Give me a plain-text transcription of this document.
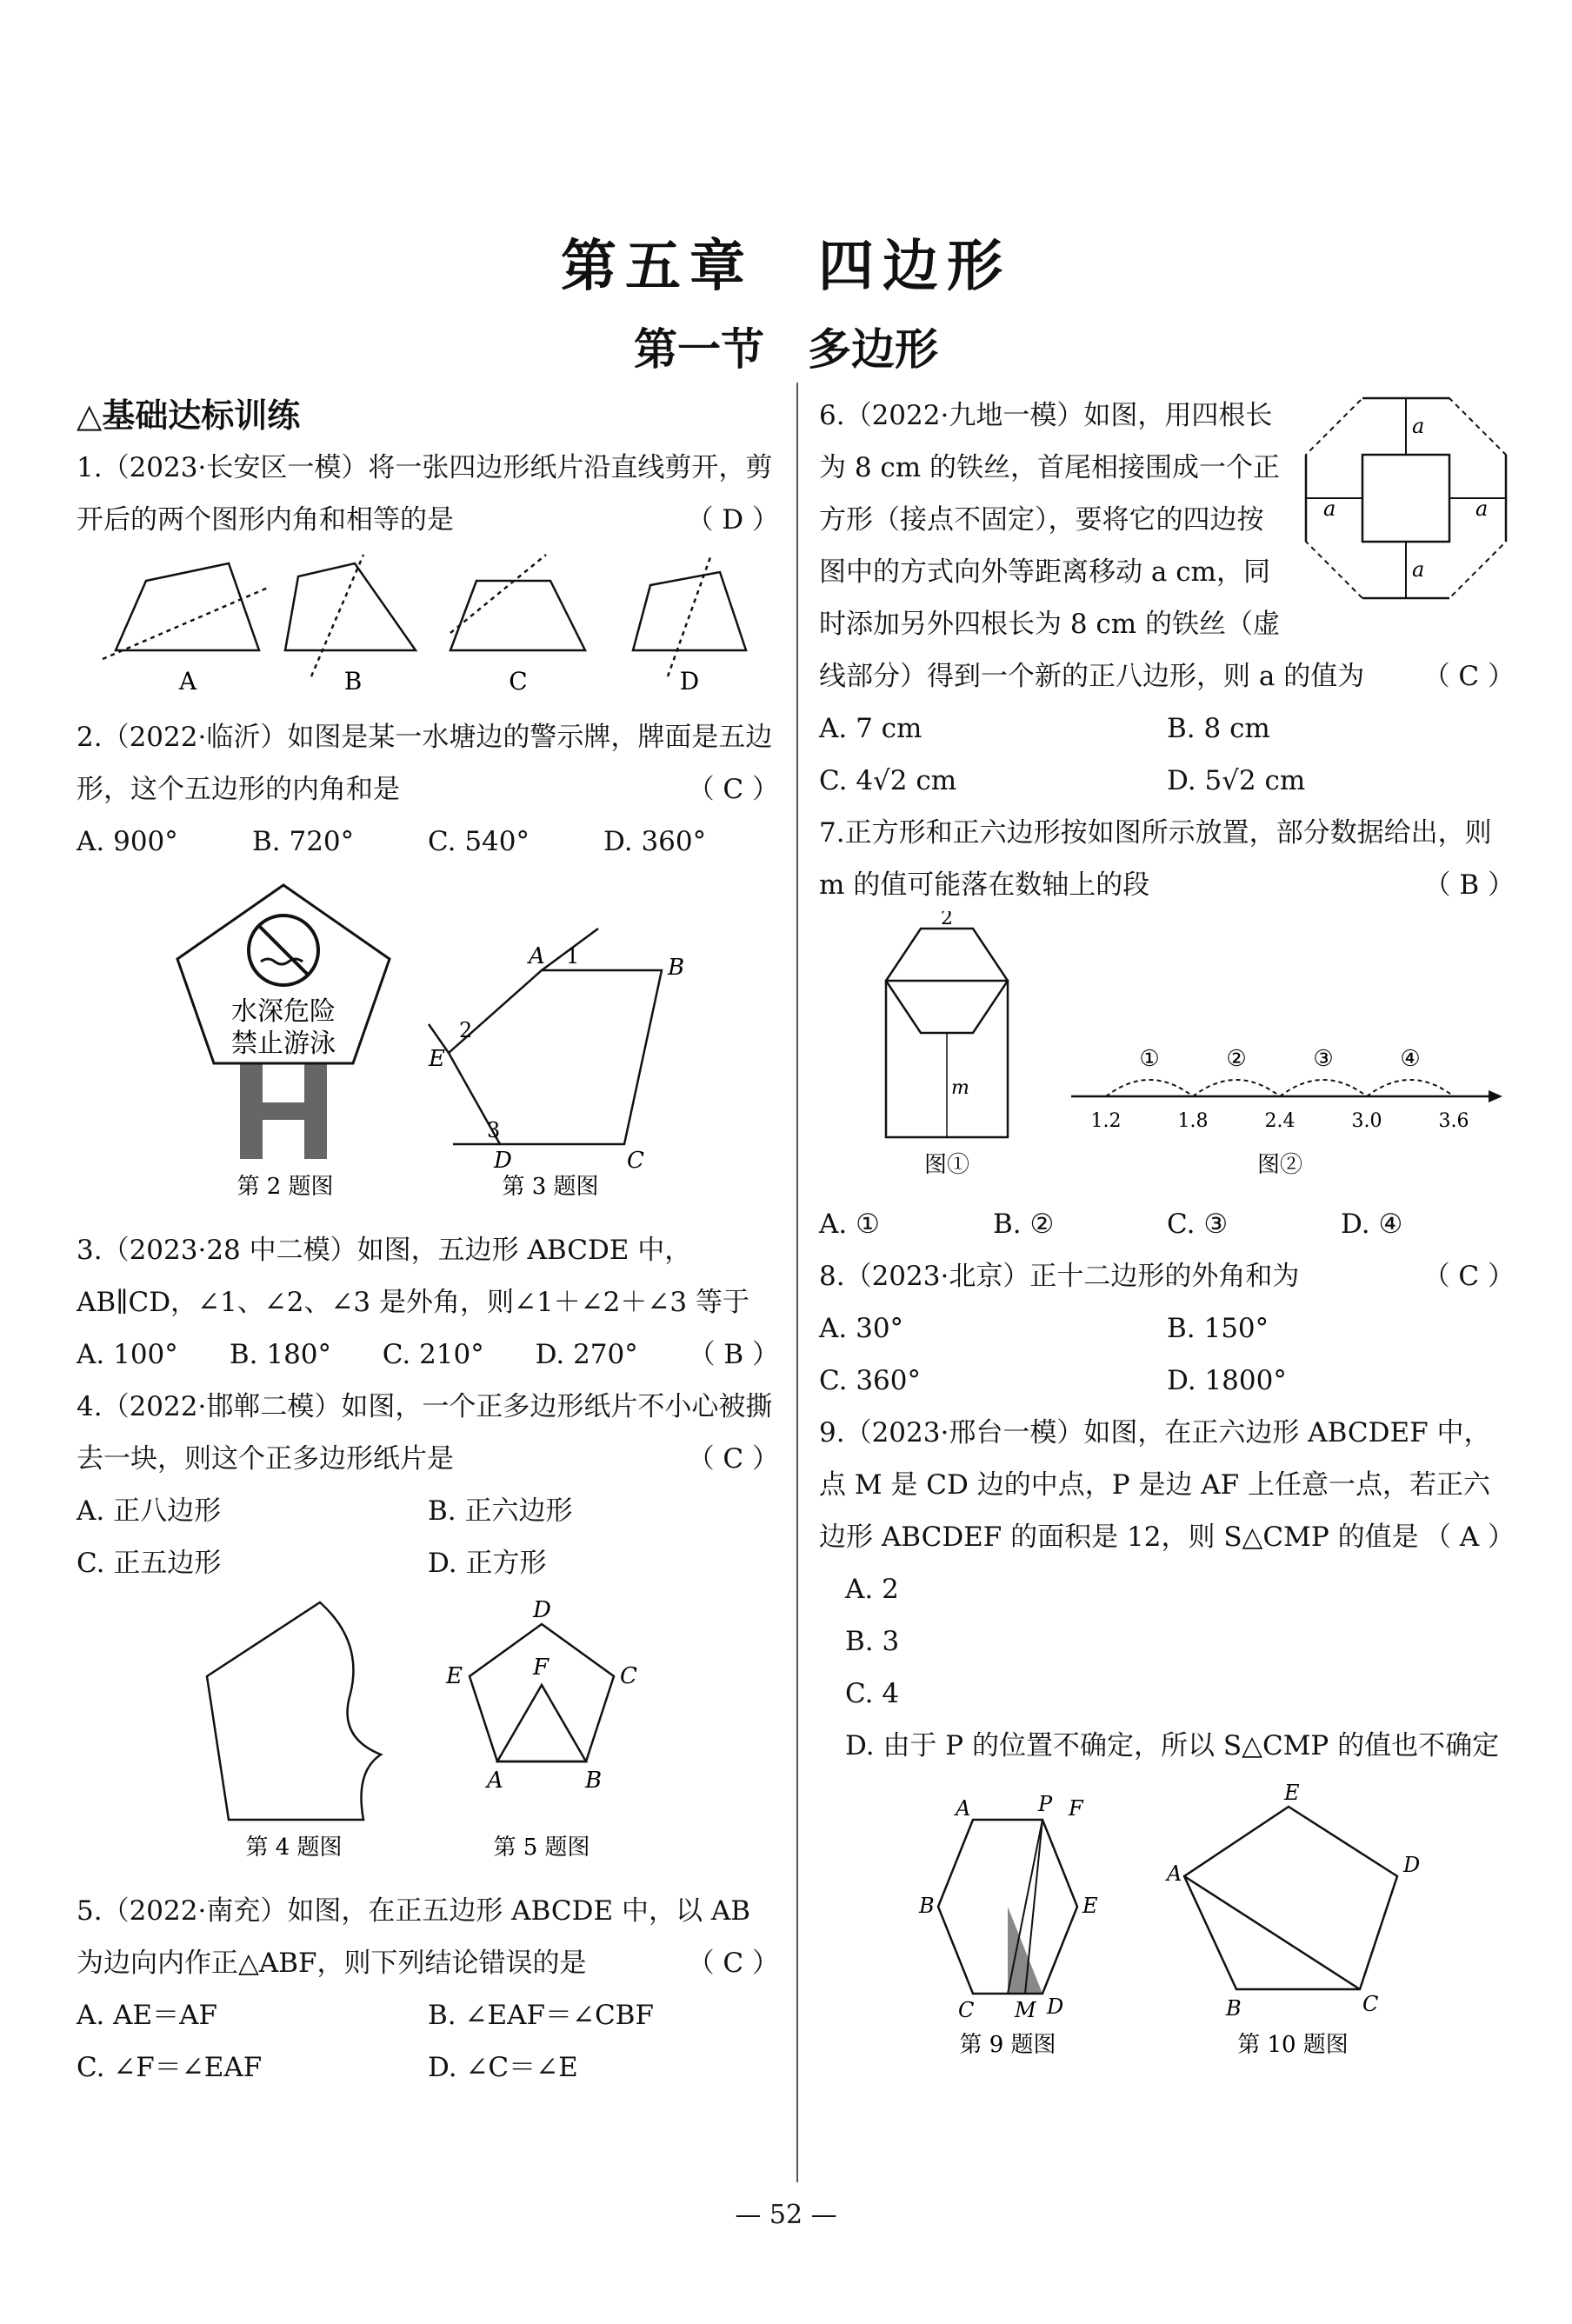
第五章　四边形
第一节　多边形
△基础达标训练

1.（2023·长安区一模）将一张四边形纸片沿直线剪开，剪开后的两个图形内角和相等的是	（ D ）

A	B	C	D

2.（2022·临沂）如图是某一水塘边的警示牌，牌面是五边形，这个五边形的内角和是	（ C ）

A. 900°	B. 720°	C. 540°	D. 360°
水深危险
禁止游泳
第 2 题图
A	B
C
D
E
1
2
3
第 3 题图

3.（2023·28 中二模）如图，五边形 ABCDE 中，AB∥CD，∠1、∠2、∠3 是外角，则∠1＋∠2＋∠3 等于
（ B ）

A. 100°	B. 180°	C. 210°	D. 270°

4.（2022·邯郸二模）如图，一个正多边形纸片不小心被撕去一块，则这个正多边形纸片是	（ C ）

A. 正八边形	B. 正六边形
C. 正五边形	D. 正方形
第 4 题图
A	B
C
D
E	F
第 5 题图

5.（2022·南充）如图，在正五边形 ABCDE 中，以 AB 为边向内作正△ABF，则下列结论错误的是	（ C ）

A. AE＝AF	B. ∠EAF＝∠CBF
C. ∠F＝∠EAF	D. ∠C＝∠E
a
a
a	a

6.（2022·九地一模）如图，用四根长为 8 cm 的铁丝，首尾相接围成一个正方形（接点不固定），要将它的四边按图中的方式向外等距离移动 a cm，同时添加另外四根长为 8 cm 的铁丝（虚线部分）得到一个新的正八边形，则 a 的值为 （ C ）

A. 7 cm	B. 8 cm
C. 4√2 cm	D. 5√2 cm

7.正方形和正六边形按如图所示放置，部分数据给出，则 m 的值可能落在数轴上的段	（ B ）

2
m
图①
①	②	③	④
1.2	1.8	2.4	3.0	3.6
图②
A. ①	B. ②	C. ③	D. ④

8.（2023·北京）正十二边形的外角和为	（ C ）

A. 30°	B. 150°
C. 360°	D. 1800°

9.（2023·邢台一模）如图，在正六边形 ABCDEF 中，点 M 是 CD 边的中点，P 是边 AF 上任意一点，若正六边形 ABCDEF 的面积是 12，则 S△CMP 的值是 （ A ）

A. 2
B. 3
C. 4
D. 由于 P 的位置不确定，所以 S△CMP 的值也不确定
A
B
C	D
E
F
P
M
第 9 题图
A
B	C
D
E
第 10 题图
— 52 —
